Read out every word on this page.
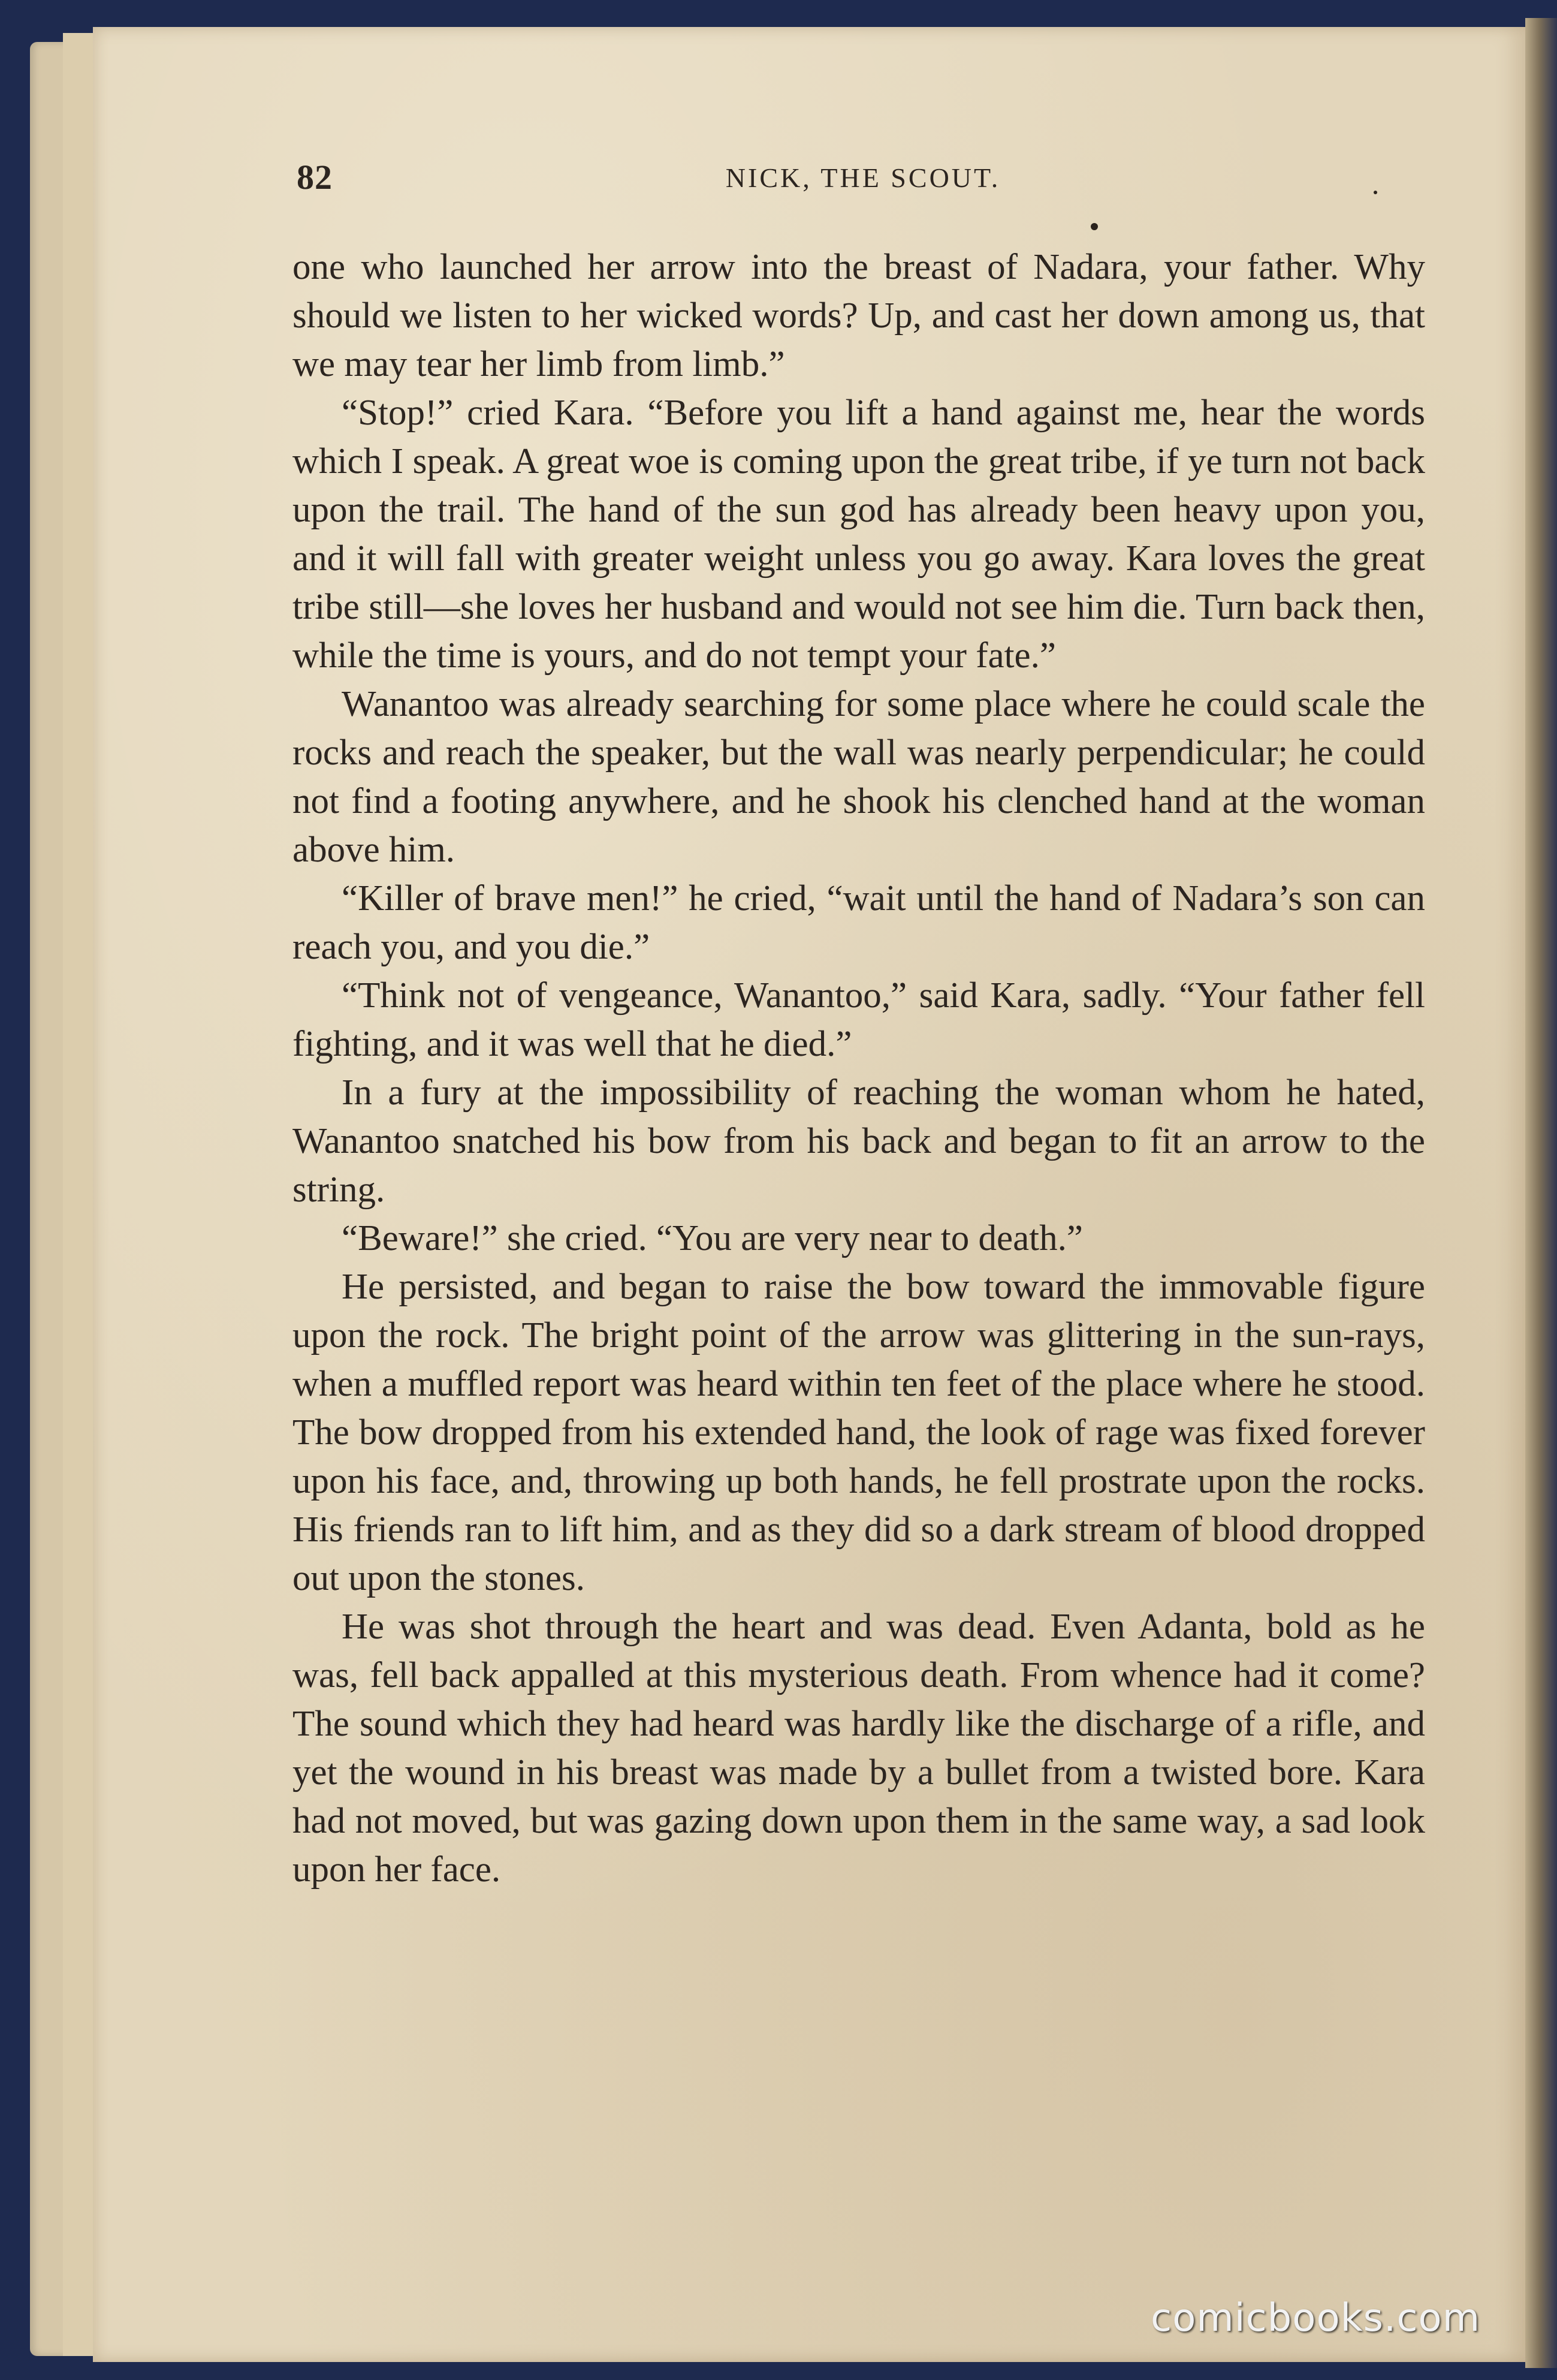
82	NICK, THE SCOUT.

one who launched her arrow into the breast of Nadara, your father. Why should we listen to her wicked words? Up, and cast her down among us, that we may tear her limb from limb.”

“Stop!” cried Kara. “Before you lift a hand against me, hear the words which I speak. A great woe is coming upon the great tribe, if ye turn not back upon the trail. The hand of the sun god has already been heavy upon you, and it will fall with greater weight unless you go away. Kara loves the great tribe still—she loves her husband and would not see him die. Turn back then, while the time is yours, and do not tempt your fate.”

Wanantoo was already searching for some place where he could scale the rocks and reach the speaker, but the wall was nearly perpendicular; he could not find a footing anywhere, and he shook his clenched hand at the woman above him.

“Killer of brave men!” he cried, “wait until the hand of Nadara’s son can reach you, and you die.”

“Think not of vengeance, Wanantoo,” said Kara, sadly. “Your father fell fighting, and it was well that he died.”

In a fury at the impossibility of reaching the woman whom he hated, Wanantoo snatched his bow from his back and began to fit an arrow to the string.

“Beware!” she cried. “You are very near to death.”

He persisted, and began to raise the bow toward the immovable figure upon the rock. The bright point of the arrow was glittering in the sun-rays, when a muffled report was heard within ten feet of the place where he stood. The bow dropped from his extended hand, the look of rage was fixed forever upon his face, and, throwing up both hands, he fell prostrate upon the rocks. His friends ran to lift him, and as they did so a dark stream of blood dropped out upon the stones.

He was shot through the heart and was dead. Even Adanta, bold as he was, fell back appalled at this mysterious death. From whence had it come? The sound which they had heard was hardly like the discharge of a rifle, and yet the wound in his breast was made by a bullet from a twisted bore. Kara had not moved, but was gazing down upon them in the same way, a sad look upon her face.

comicbooks.com
